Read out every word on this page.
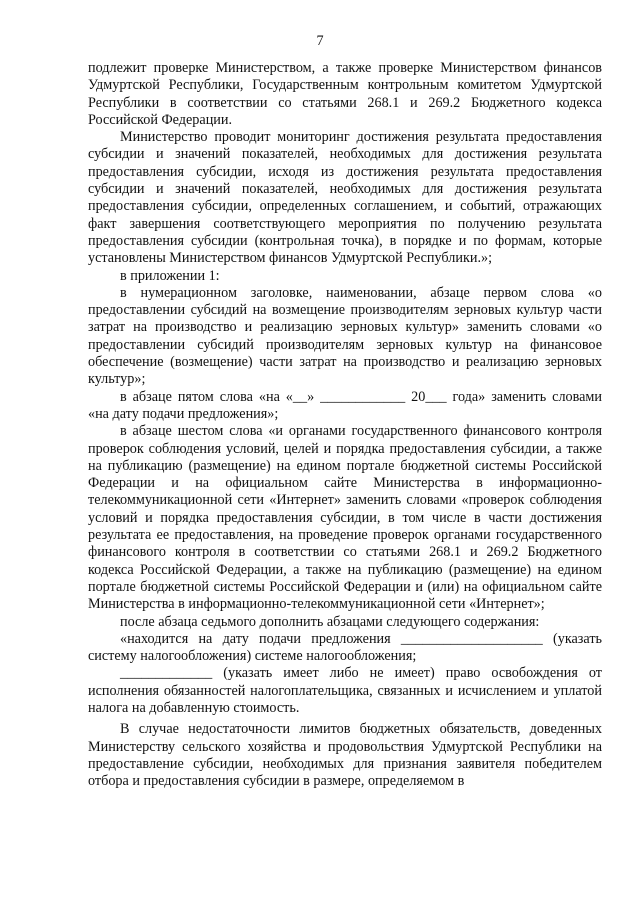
7

подлежит проверке Министерством, а также проверке Министерством финансов Удмуртской Республики, Государственным контрольным комитетом Удмуртской Республики в соответствии со статьями 268.1 и 269.2 Бюджетного кодекса Российской Федерации.

Министерство проводит мониторинг достижения результата предоставления субсидии и значений показателей, необходимых для достижения результата предоставления субсидии, исходя из достижения результата предоставления субсидии и значений показателей, необходимых для достижения результата предоставления субсидии, определенных соглашением, и событий, отражающих факт завершения соответствующего мероприятия по получению результата предоставления субсидии (контрольная точка), в порядке и по формам, которые установлены Министерством финансов Удмуртской Республики.»;

в приложении 1:

в нумерационном заголовке, наименовании, абзаце первом слова «о предоставлении субсидий на возмещение производителям зерновых культур части затрат на производство и реализацию зерновых культур» заменить словами «о предоставлении субсидий производителям зерновых культур на финансовое обеспечение (возмещение) части затрат на производство и реализацию зерновых культур»;

в абзаце пятом слова «на «__» ____________ 20___ года» заменить словами «на дату подачи предложения»;

в абзаце шестом слова «и органами государственного финансового контроля проверок соблюдения условий, целей и порядка предоставления субсидии, а также на публикацию (размещение) на едином портале бюджетной системы Российской Федерации и на официальном сайте Министерства в информационно-телекоммуникационной сети «Интернет» заменить словами «проверок соблюдения условий и порядка предоставления субсидии, в том числе в части достижения результата ее предоставления, на проведение проверок органами государственного финансового контроля в соответствии со статьями 268.1 и 269.2 Бюджетного кодекса Российской Федерации, а также на публикацию (размещение) на едином портале бюджетной системы Российской Федерации и (или) на официальном сайте Министерства в информационно-телекоммуникационной сети «Интернет»;

после абзаца седьмого дополнить абзацами следующего содержания:

«находится на дату подачи предложения ____________________ (указать систему налогообложения) системе налогообложения;

_____________ (указать имеет либо не имеет) право освобождения от исполнения обязанностей налогоплательщика, связанных и исчислением и уплатой налога на добавленную стоимость.

В случае недостаточности лимитов бюджетных обязательств, доведенных Министерству сельского хозяйства и продовольствия Удмуртской Республики на предоставление субсидии, необходимых для признания заявителя победителем отбора и предоставления субсидии в размере, определяемом в
